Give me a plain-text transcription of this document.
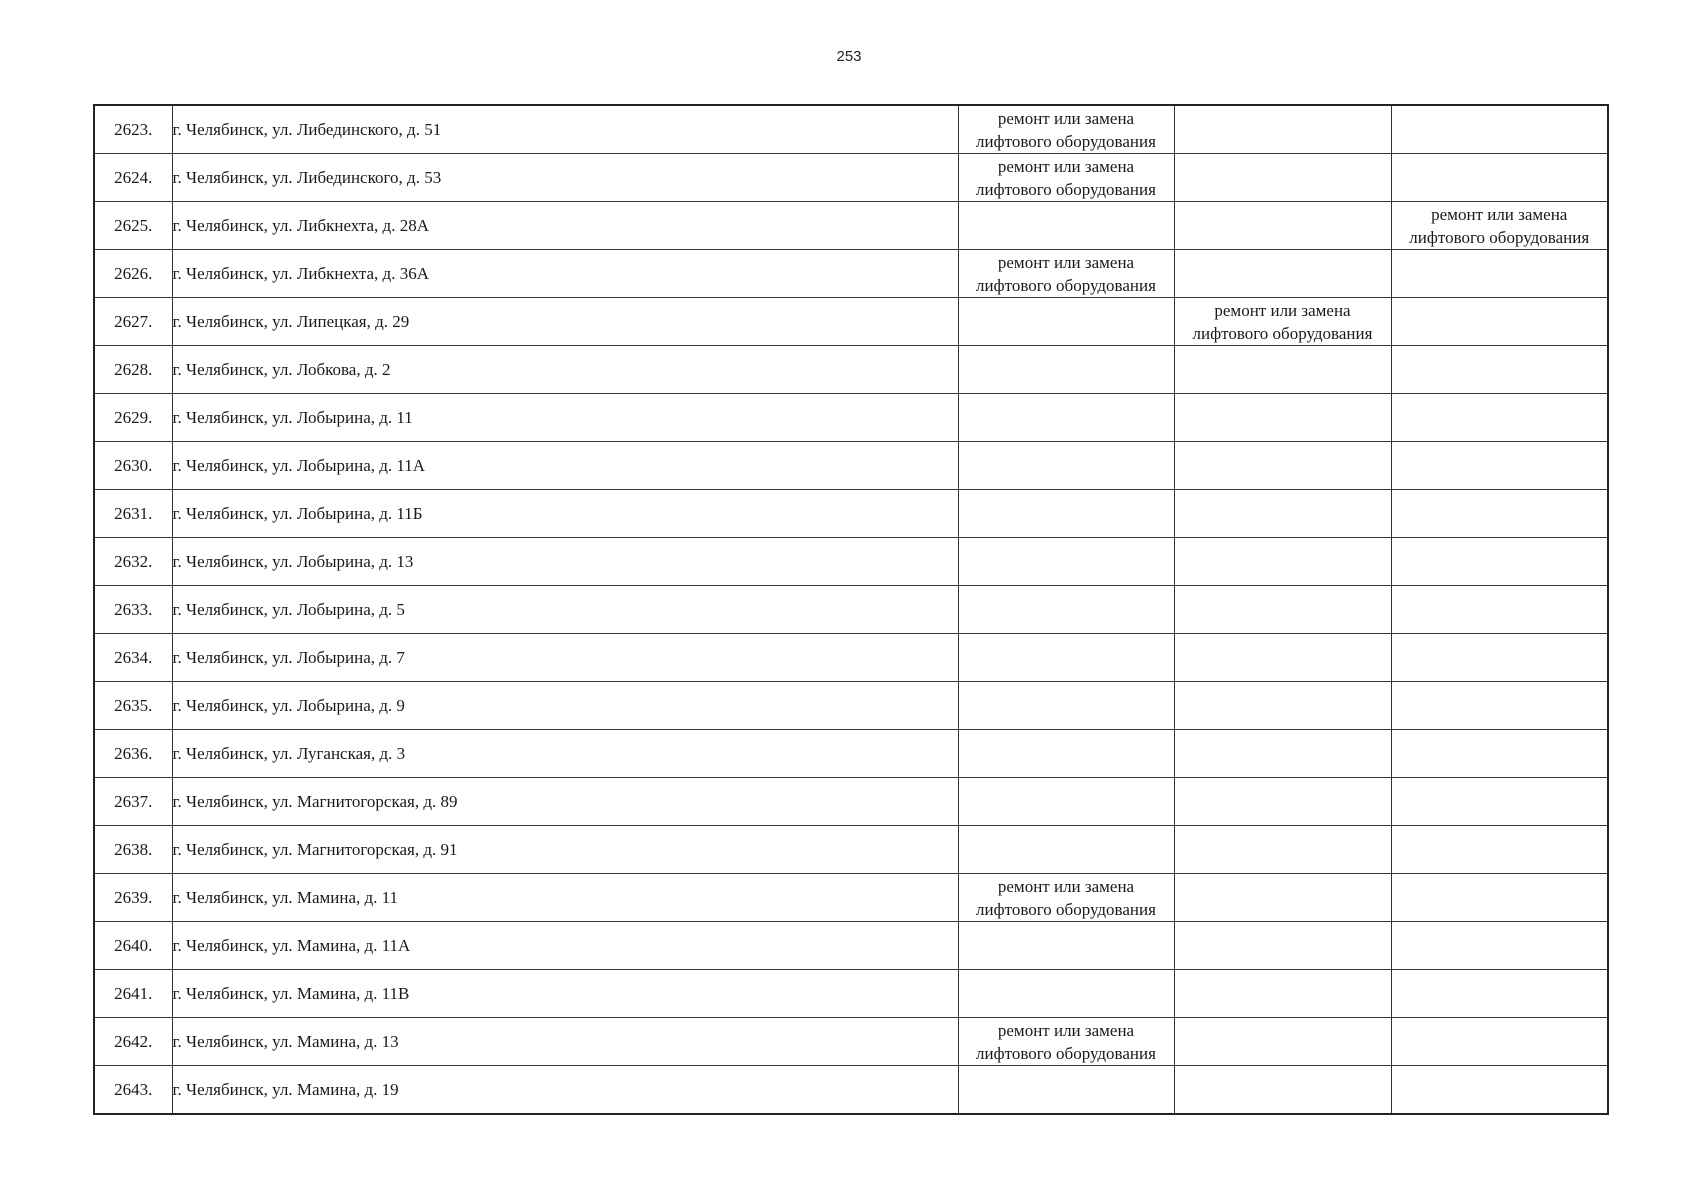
253
2623.	г. Челябинск, ул. Либединского, д. 51	ремонт или замена
лифтового оборудования		

2624.	г. Челябинск, ул. Либединского, д. 53	ремонт или замена
лифтового оборудования		

2625.	г. Челябинск, ул. Либкнехта, д. 28А			ремонт или замена
лифтового оборудования

2626.	г. Челябинск, ул. Либкнехта, д. 36А	ремонт или замена
лифтового оборудования		

2627.	г. Челябинск, ул. Липецкая, д. 29		ремонт или замена
лифтового оборудования	

2628.	г. Челябинск, ул. Лобкова, д. 2			
2629.	г. Челябинск, ул. Лобырина, д. 11			
2630.	г. Челябинск, ул. Лобырина, д. 11А			
2631.	г. Челябинск, ул. Лобырина, д. 11Б			
2632.	г. Челябинск, ул. Лобырина, д. 13			
2633.	г. Челябинск, ул. Лобырина, д. 5			
2634.	г. Челябинск, ул. Лобырина, д. 7			
2635.	г. Челябинск, ул. Лобырина, д. 9			
2636.	г. Челябинск, ул. Луганская, д. 3			
2637.	г. Челябинск, ул. Магнитогорская, д. 89			
2638.	г. Челябинск, ул. Магнитогорская, д. 91			
2639.	г. Челябинск, ул. Мамина, д. 11	ремонт или замена
лифтового оборудования		

2640.	г. Челябинск, ул. Мамина, д. 11А			
2641.	г. Челябинск, ул. Мамина, д. 11В			
2642.	г. Челябинск, ул. Мамина, д. 13	ремонт или замена
лифтового оборудования		

2643.	г. Челябинск, ул. Мамина, д. 19			
